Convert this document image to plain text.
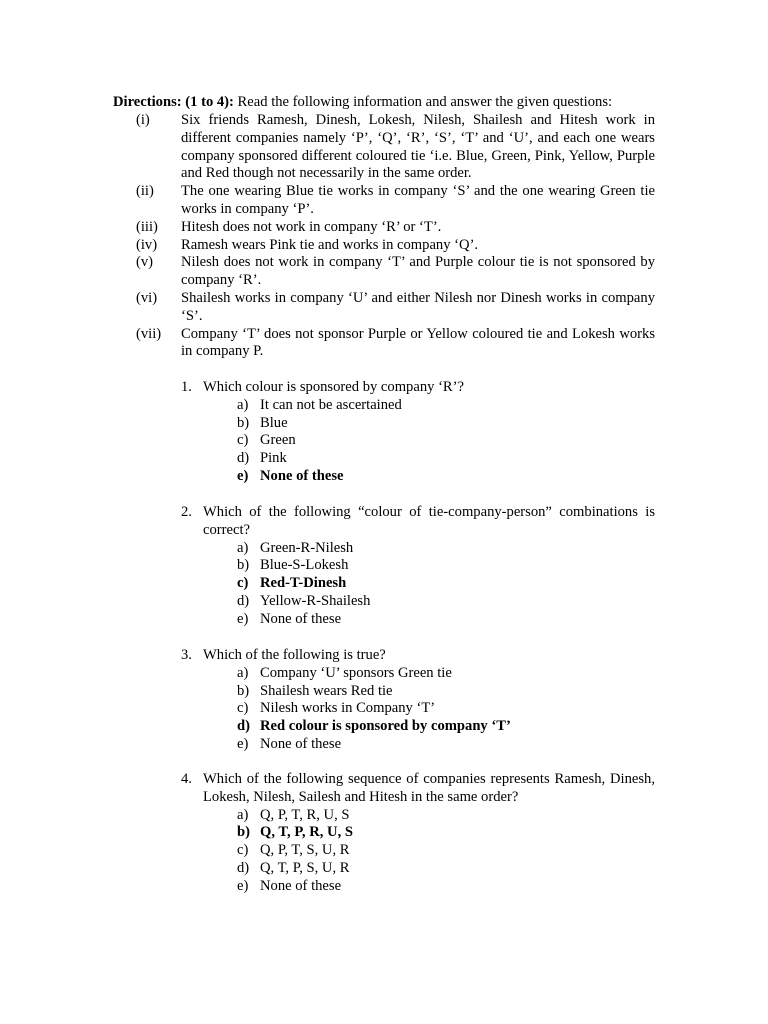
Directions: (1 to 4): Read the following information and answer the given questions:
(i) Six friends Ramesh, Dinesh, Lokesh, Nilesh, Shailesh and Hitesh work in different companies namely ‘P’, ‘Q’, ‘R’, ‘S’, ‘T’ and ‘U’, and each one wears company sponsored different coloured tie ‘i.e. Blue, Green, Pink, Yellow, Purple and Red though not necessarily in the same order.
(ii) The one wearing Blue tie works in company ‘S’ and the one wearing Green tie works in company ‘P’.
(iii) Hitesh does not work in company ‘R’ or ‘T’.
(iv) Ramesh wears Pink tie and works in company ‘Q’.
(v) Nilesh does not work in company ‘T’ and Purple colour tie is not sponsored by company ‘R’.
(vi) Shailesh works in company ‘U’ and either Nilesh nor Dinesh works in company ‘S’.
(vii) Company ‘T’ does not sponsor Purple or Yellow coloured tie and Lokesh works in company P.
1. Which colour is sponsored by company ‘R’?
a) It can not be ascertained
b) Blue
c) Green
d) Pink
e) None of these
2. Which of the following “colour of tie-company-person” combinations is correct?
a) Green-R-Nilesh
b) Blue-S-Lokesh
c) Red-T-Dinesh
d) Yellow-R-Shailesh
e) None of these
3. Which of the following is true?
a) Company ‘U’ sponsors Green tie
b) Shailesh wears Red tie
c) Nilesh works in Company ‘T’
d) Red colour is sponsored by company ‘T’
e) None of these
4. Which of the following sequence of companies represents Ramesh, Dinesh, Lokesh, Nilesh, Sailesh and Hitesh in the same order?
a) Q, P, T, R, U, S
b) Q, T, P, R, U, S
c) Q, P, T, S, U, R
d) Q, T, P, S, U, R
e) None of these
